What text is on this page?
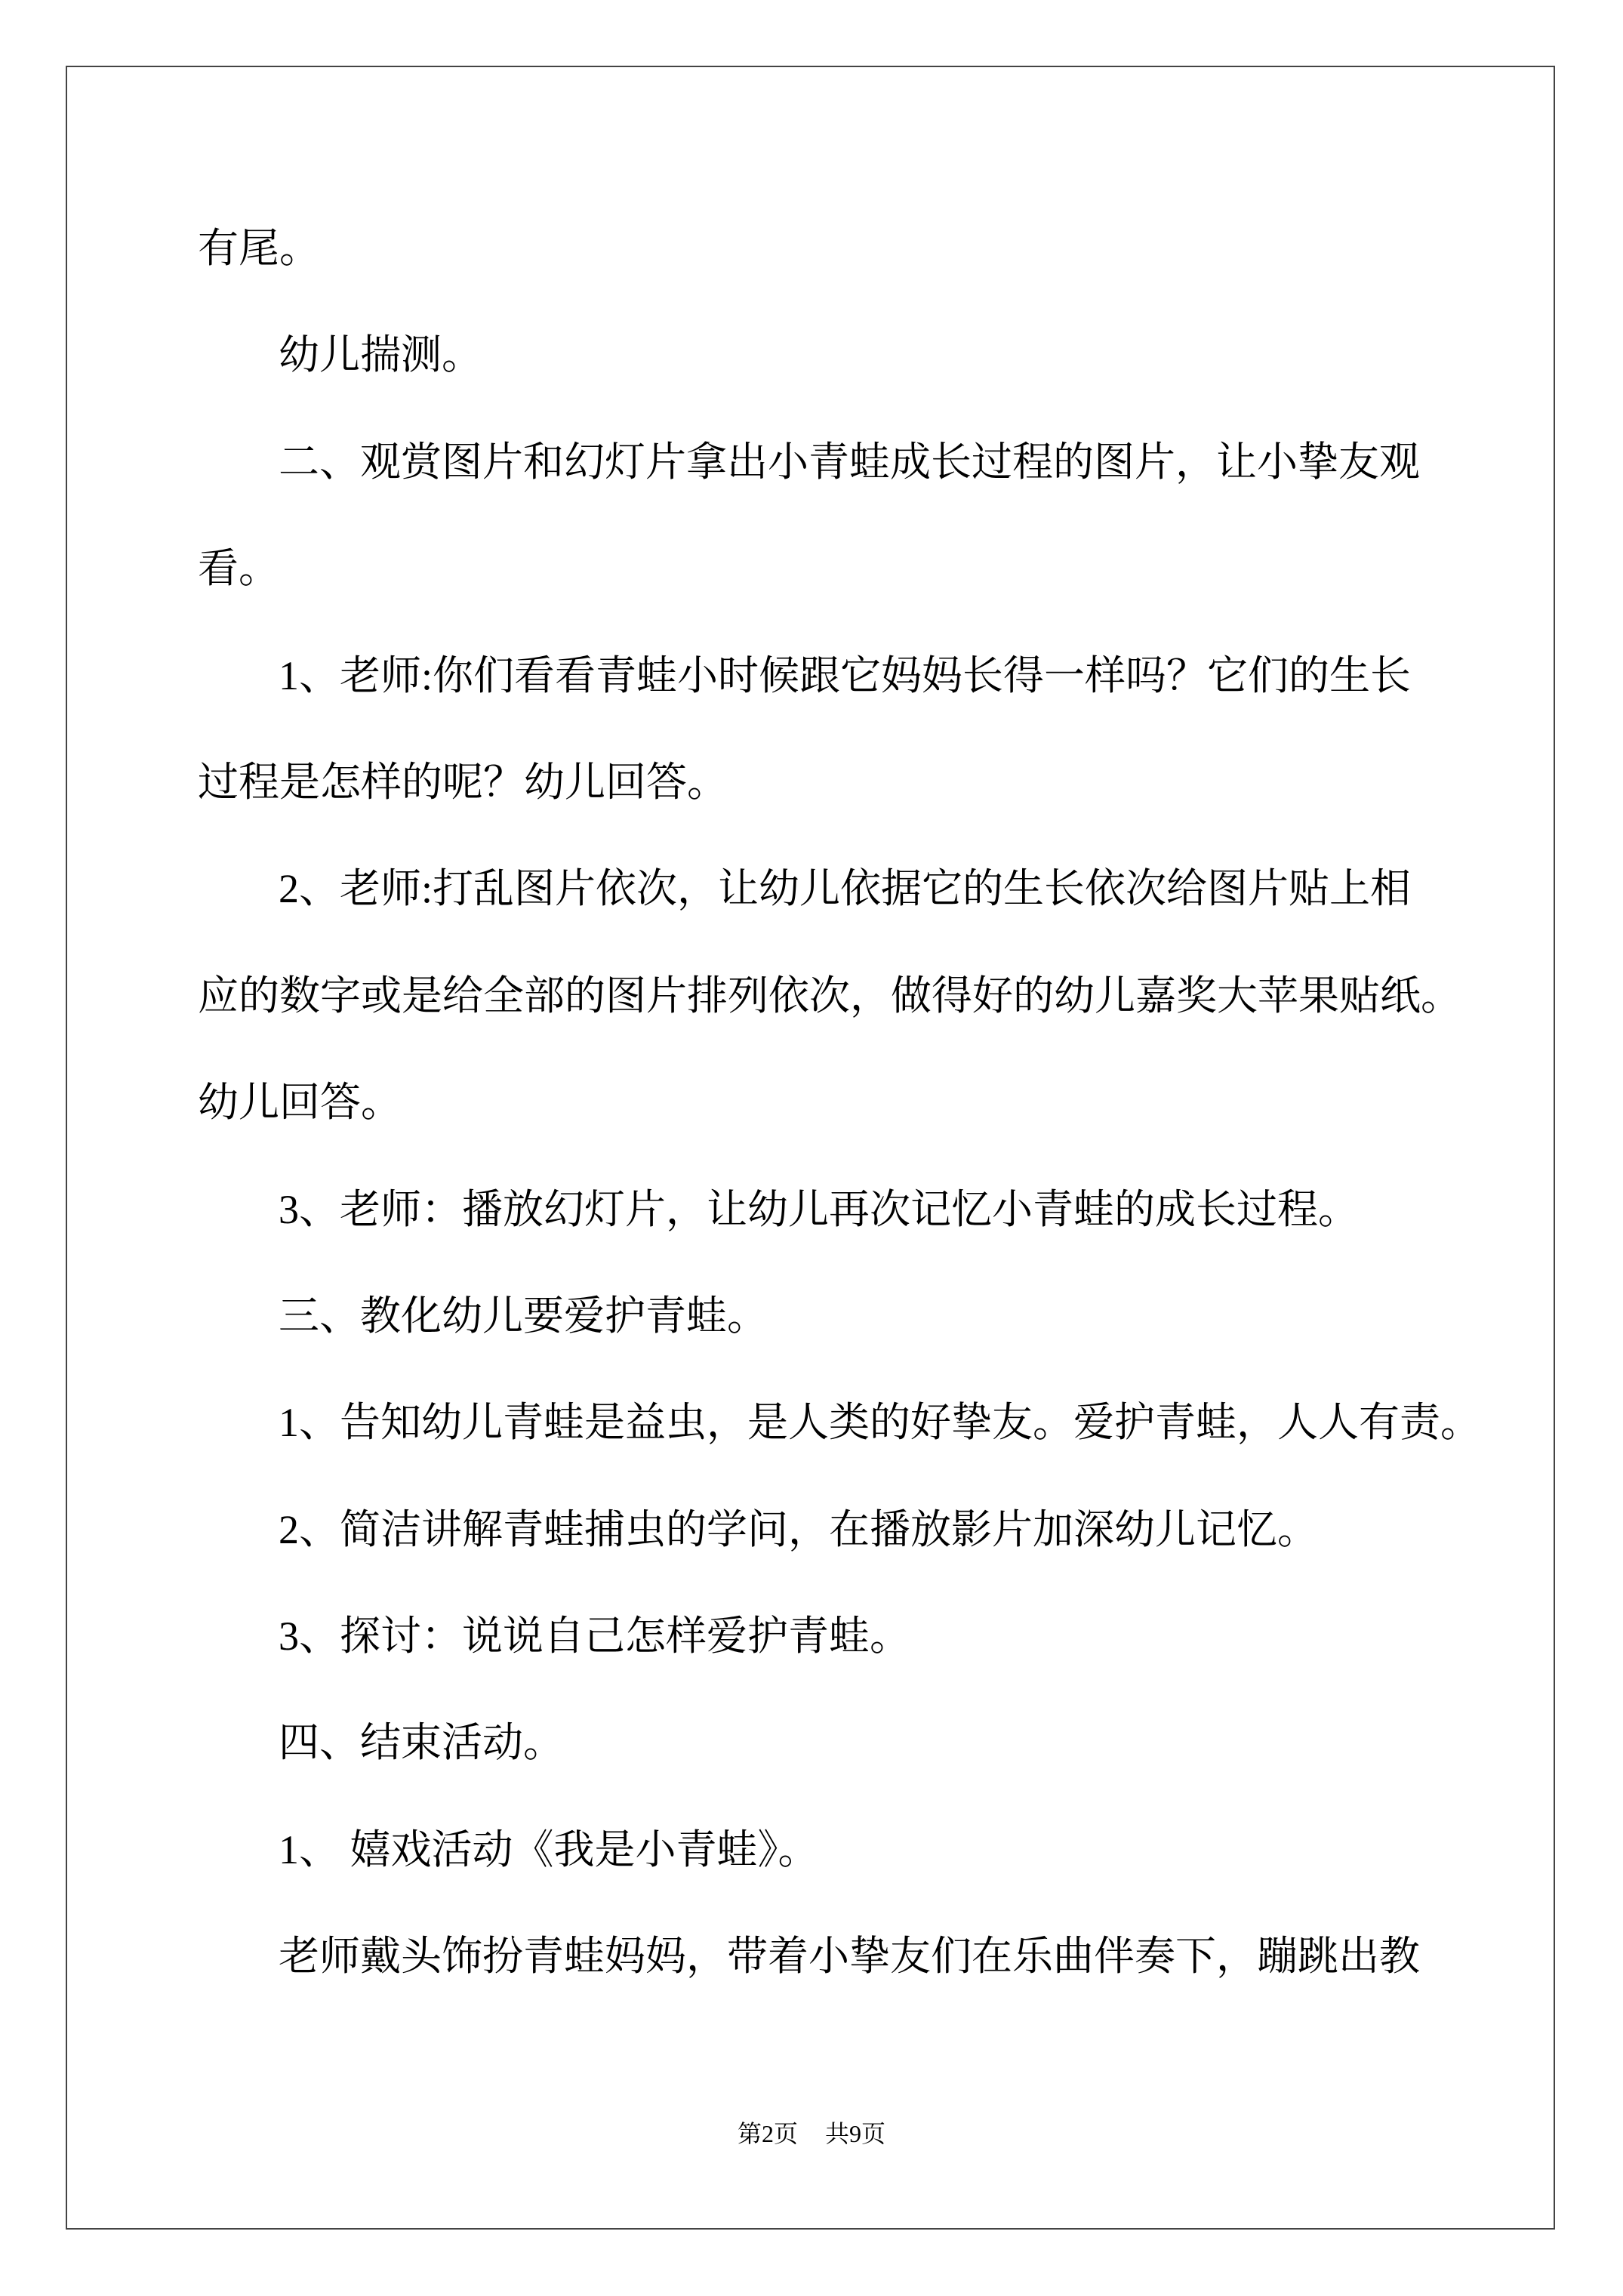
有尾。
幼儿揣测。
二、观赏图片和幻灯片拿出小青蛙成长过程的图片，让小挚友观
看。
1、老师:你们看看青蛙小时候跟它妈妈长得一样吗？它们的生长
过程是怎样的呢？幼儿回答。
2、老师:打乱图片依次，让幼儿依据它的生长依次给图片贴上相
应的数字或是给全部的图片排列依次，做得好的幼儿嘉奖大苹果贴纸。
幼儿回答。
3、老师：播放幻灯片，让幼儿再次记忆小青蛙的成长过程。
三、教化幼儿要爱护青蛙。
1、告知幼儿青蛙是益虫，是人类的好挚友。爱护青蛙，人人有责。
2、简洁讲解青蛙捕虫的学问，在播放影片加深幼儿记忆。
3、探讨：说说自己怎样爱护青蛙。
四、结束活动。
1、 嬉戏活动《我是小青蛙》。
老师戴头饰扮青蛙妈妈，带着小挚友们在乐曲伴奏下，蹦跳出教
第2页 共9页
